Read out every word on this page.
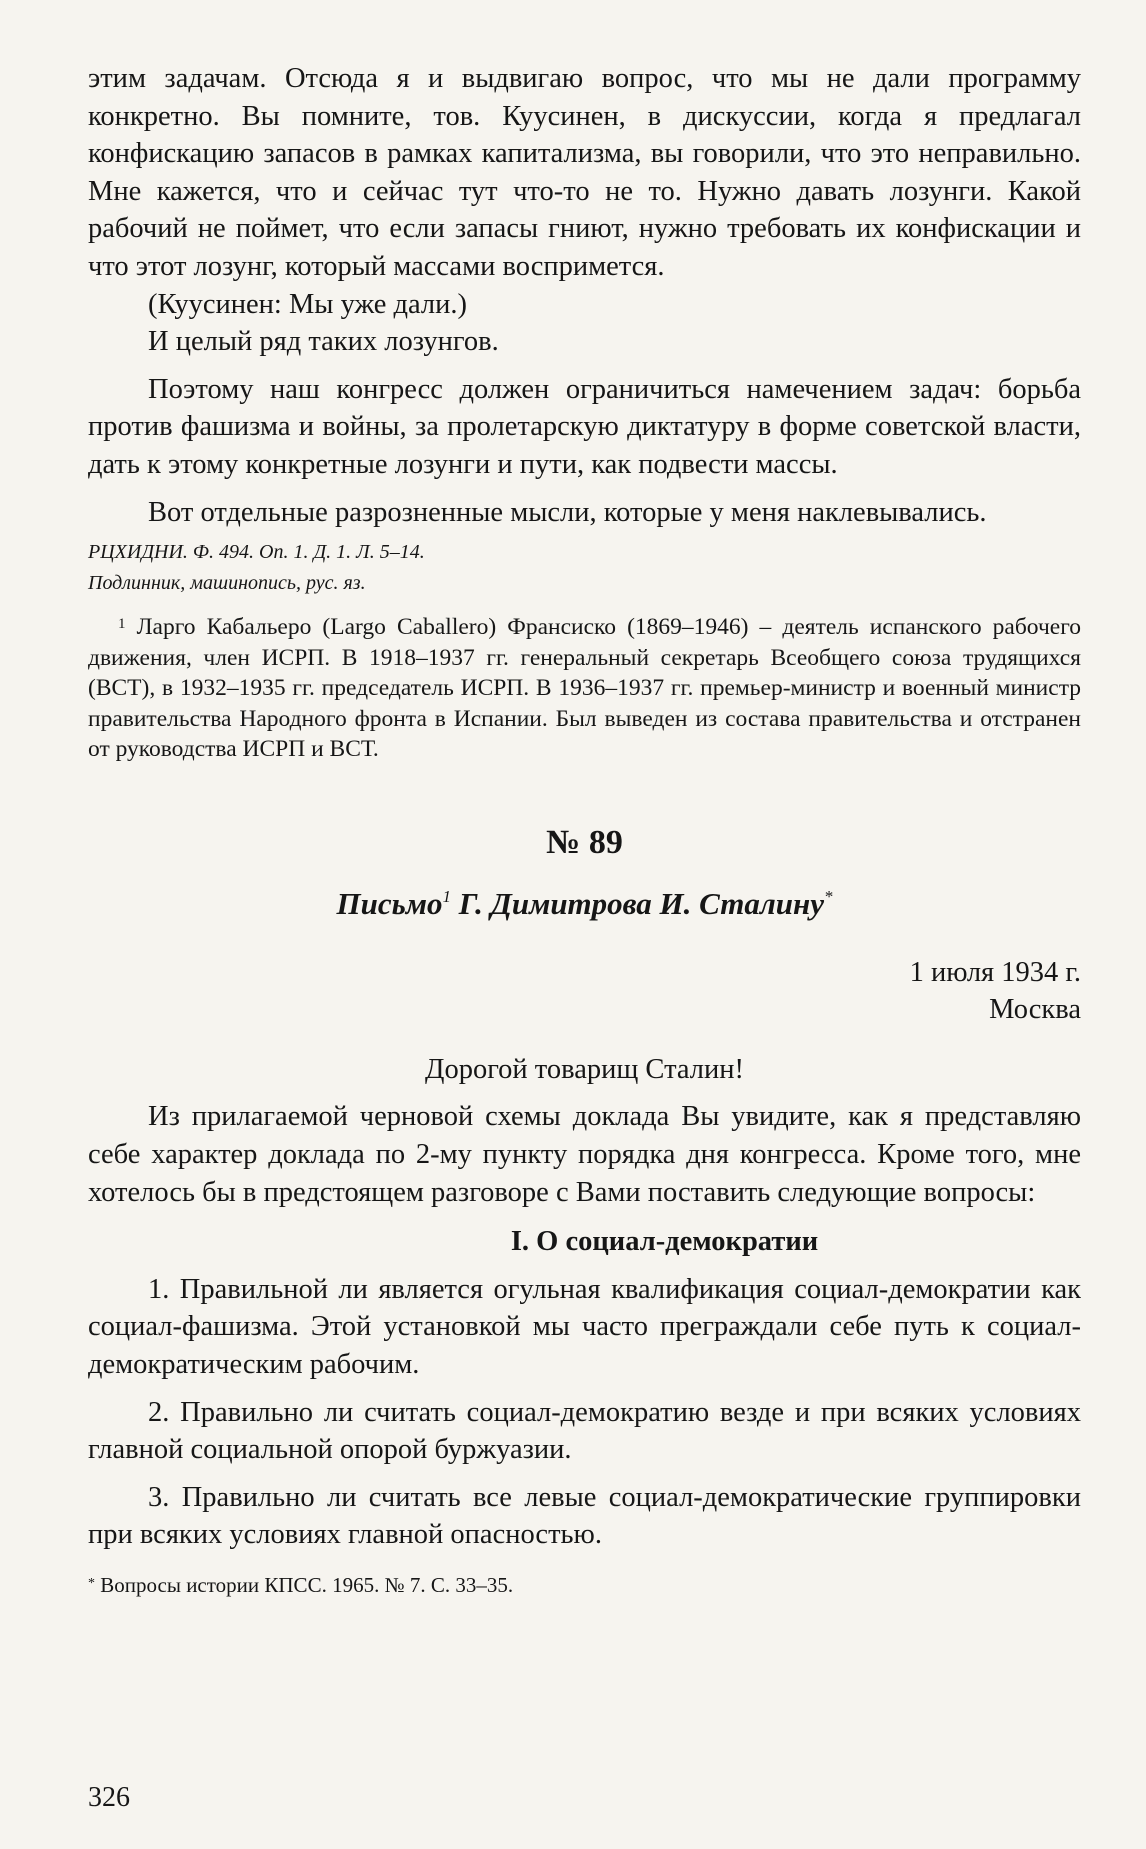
этим задачам. Отсюда я и выдвигаю вопрос, что мы не дали программу конкретно. Вы помните, тов. Куусинен, в дискуссии, когда я предлагал конфискацию запасов в рамках капитализма, вы говорили, что это неправильно. Мне кажется, что и сейчас тут что-то не то. Нужно давать лозунги. Какой рабочий не поймет, что если запасы гниют, нужно требовать их конфискации и что этот лозунг, который массами воспримется.

(Куусинен: Мы уже дали.)

И целый ряд таких лозунгов.

Поэтому наш конгресс должен ограничиться намечением задач: борьба против фашизма и войны, за пролетарскую диктатуру в форме советской власти, дать к этому конкретные лозунги и пути, как подвести массы.

Вот отдельные разрозненные мысли, которые у меня наклевывались.

РЦХИДНИ. Ф. 494. Оп. 1. Д. 1. Л. 5–14.
Подлинник, машинопись, рус. яз.

$^1$ Ларго Кабальеро (Largo Caballero) Франсиско (1869–1946) – деятель испанского рабочего движения, член ИСРП. В 1918–1937 гг. генеральный секретарь Всеобщего союза трудящихся (ВСТ), в 1932–1935 гг. председатель ИСРП. В 1936–1937 гг. премьер-министр и военный министр правительства Народного фронта в Испании. Был выведен из состава правительства и отстранен от руководства ИСРП и ВСТ.

№ 89
Письмо$^1$ Г. Димитрова И. Сталину*
1 июля 1934 г.
Москва
Дорогой товарищ Сталин!

Из прилагаемой черновой схемы доклада Вы увидите, как я представляю себе характер доклада по 2-му пункту порядка дня конгресса. Кроме того, мне хотелось бы в предстоящем разговоре с Вами поставить следующие вопросы:

I. О социал-демократии

1. Правильной ли является огульная квалификация социал-демократии как социал-фашизма. Этой установкой мы часто преграждали себе путь к социал-демократическим рабочим.

2. Правильно ли считать социал-демократию везде и при всяких условиях главной социальной опорой буржуазии.

3. Правильно ли считать все левые социал-демократические группировки при всяких условиях главной опасностью.

* Вопросы истории КПСС. 1965. № 7. С. 33–35.

326
